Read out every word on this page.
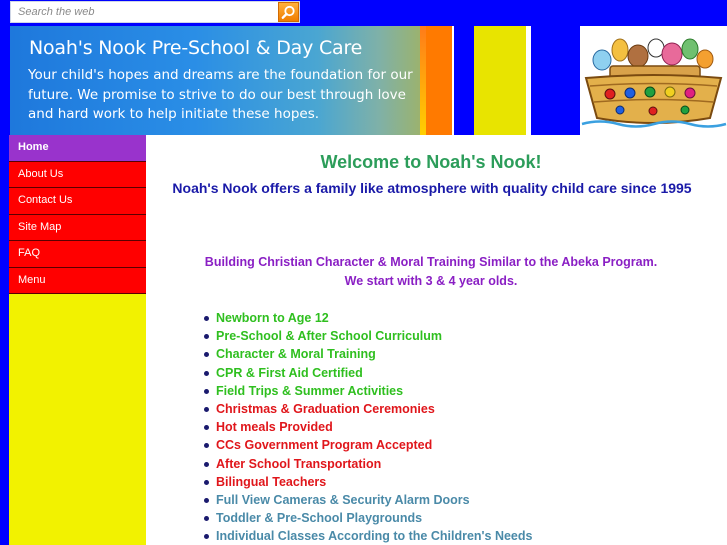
Search the web
Noah's Nook Pre-School & Day Care
Your child's hopes and dreams are the foundation for our future. We promise to strive to do our best through love and hard work to help initiate these hopes.
Home
About Us
Contact Us
Site Map
FAQ
Menu
Welcome to Noah's Nook!
Noah's Nook offers a family like atmosphere with quality child care since 1995
Building Christian Character & Moral Training Similar to the Abeka Program.
We start with 3 & 4 year olds.
Newborn to Age 12
Pre-School & After School Curriculum
Character & Moral Training
CPR & First Aid Certified
Field Trips & Summer Activities
Christmas & Graduation Ceremonies
Hot meals Provided
CCs Government Program Accepted
After School Transportation
Bilingual Teachers
Full View Cameras & Security Alarm Doors
Toddler & Pre-School Playgrounds
Individual Classes According to the Children's Needs
